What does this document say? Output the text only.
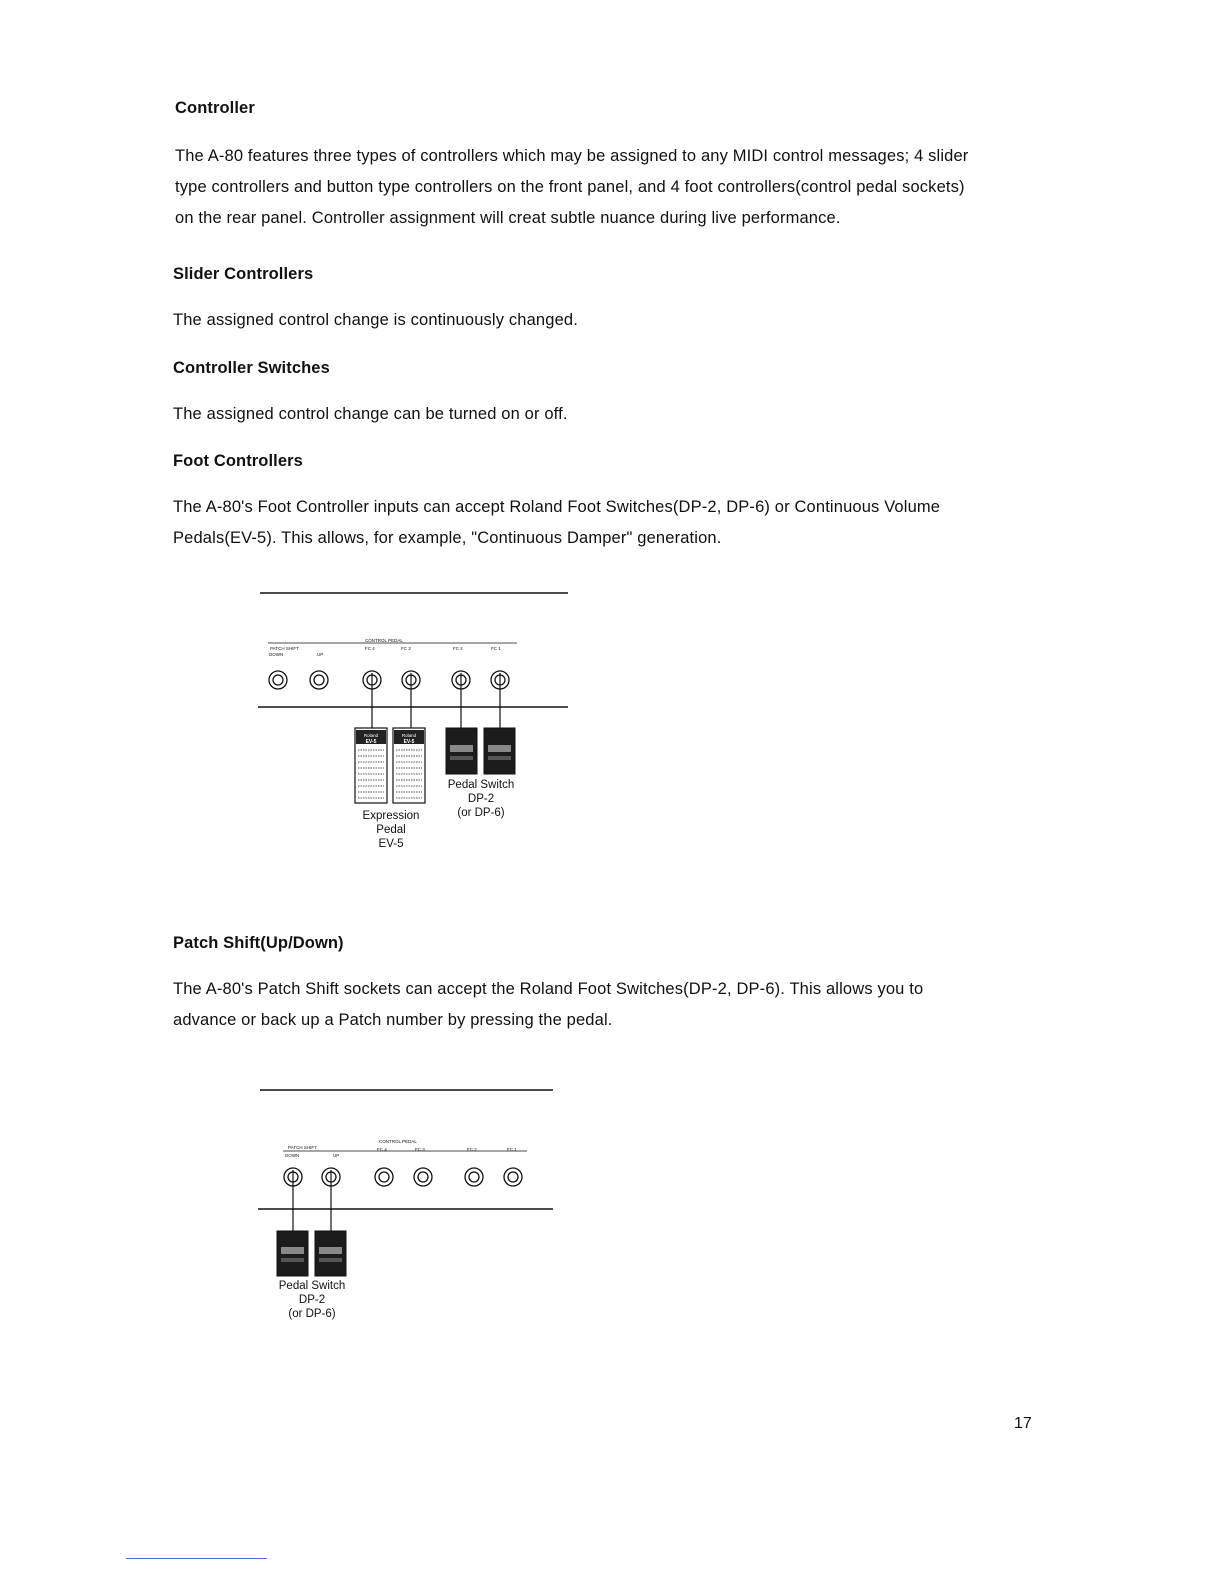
Controller

The A-80 features three types of controllers which may be assigned to any MIDI control messages; 4 slider

type controllers and button type controllers on the front panel, and 4 foot controllers(control pedal sockets)

on the rear panel. Controller assignment will creat subtle nuance during live performance.

Slider Controllers

The assigned control change is continuously changed.

Controller Switches

The assigned control change can be turned on or off.

Foot Controllers

The A-80's Foot Controller inputs can accept Roland Foot Switches(DP-2, DP-6) or Continuous Volume

Pedals(EV-5). This allows, for example, "Continuous Damper" generation.

PATCH SHIFT
DOWN	UP
CONTROL PEDAL
FC 4	FC 3	FC 2	FC 1
Roland
EV-5
Roland
EV-5
Pedal Switch
DP-2
(or DP-6)
Expression
Pedal
EV-5
Patch Shift(Up/Down)

The A-80's Patch Shift sockets can accept the Roland Foot Switches(DP-2, DP-6). This allows you to

advance or back up a Patch number by pressing the pedal.

PATCH SHIFT
DOWN	UP
CONTROL PEDAL
FC 4	FC 3	FC 2	FC 1
Pedal Switch
DP-2
(or DP-6)
17
